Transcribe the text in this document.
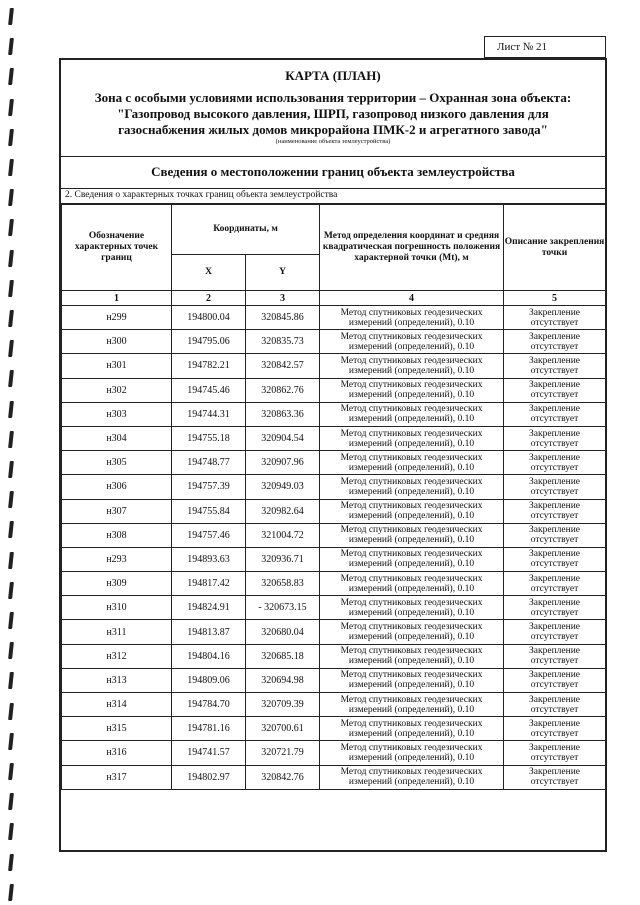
Лист № 21
КАРТА (ПЛАН)
Зона с особыми условиями использования территории – Охранная зона объекта:
"Газопровод высокого давления, ШРП, газопровод низкого давления для
газоснабжения жилых домов микрорайона ПМК-2 и агрегатного завода"
(наименование объекта землеустройства)
Сведения о местоположении границ объекта землеустройства
2. Сведения о характерных точках границ объекта землеустройства
Обозначение характерных точек границ	Координаты, м		Метод определения координат и средняя квадратическая погрешность положения характерной точки (Mt), м	Описание закрепления точки
	X	Y		
1	2	3	4	5
н299	194800.04	320845.86	Метод спутниковых геодезических
измерений (определений), 0.10	Закрепление
отсутствует

н300	194795.06	320835.73	Метод спутниковых геодезических
измерений (определений), 0.10	Закрепление
отсутствует

н301	194782.21	320842.57	Метод спутниковых геодезических
измерений (определений), 0.10	Закрепление
отсутствует

н302	194745.46	320862.76	Метод спутниковых геодезических
измерений (определений), 0.10	Закрепление
отсутствует

н303	194744.31	320863.36	Метод спутниковых геодезических
измерений (определений), 0.10	Закрепление
отсутствует

н304	194755.18	320904.54	Метод спутниковых геодезических
измерений (определений), 0.10	Закрепление
отсутствует

н305	194748.77	320907.96	Метод спутниковых геодезических
измерений (определений), 0.10	Закрепление
отсутствует

н306	194757.39	320949.03	Метод спутниковых геодезических
измерений (определений), 0.10	Закрепление
отсутствует

н307	194755.84	320982.64	Метод спутниковых геодезических
измерений (определений), 0.10	Закрепление
отсутствует

н308	194757.46	321004.72	Метод спутниковых геодезических
измерений (определений), 0.10	Закрепление
отсутствует

н293	194893.63	320936.71	Метод спутниковых геодезических
измерений (определений), 0.10	Закрепление
отсутствует

н309	194817.42	320658.83	Метод спутниковых геодезических
измерений (определений), 0.10	Закрепление
отсутствует

н310	194824.91	- 320673.15	Метод спутниковых геодезических
измерений (определений), 0.10	Закрепление
отсутствует

н311	194813.87	320680.04	Метод спутниковых геодезических
измерений (определений), 0.10	Закрепление
отсутствует

н312	194804.16	320685.18	Метод спутниковых геодезических
измерений (определений), 0.10	Закрепление
отсутствует

н313	194809.06	320694.98	Метод спутниковых геодезических
измерений (определений), 0.10	Закрепление
отсутствует

н314	194784.70	320709.39	Метод спутниковых геодезических
измерений (определений), 0.10	Закрепление
отсутствует

н315	194781.16	320700.61	Метод спутниковых геодезических
измерений (определений), 0.10	Закрепление
отсутствует

н316	194741.57	320721.79	Метод спутниковых геодезических
измерений (определений), 0.10	Закрепление
отсутствует

н317	194802.97	320842.76	Метод спутниковых геодезических
измерений (определений), 0.10	Закрепление
отсутствует
